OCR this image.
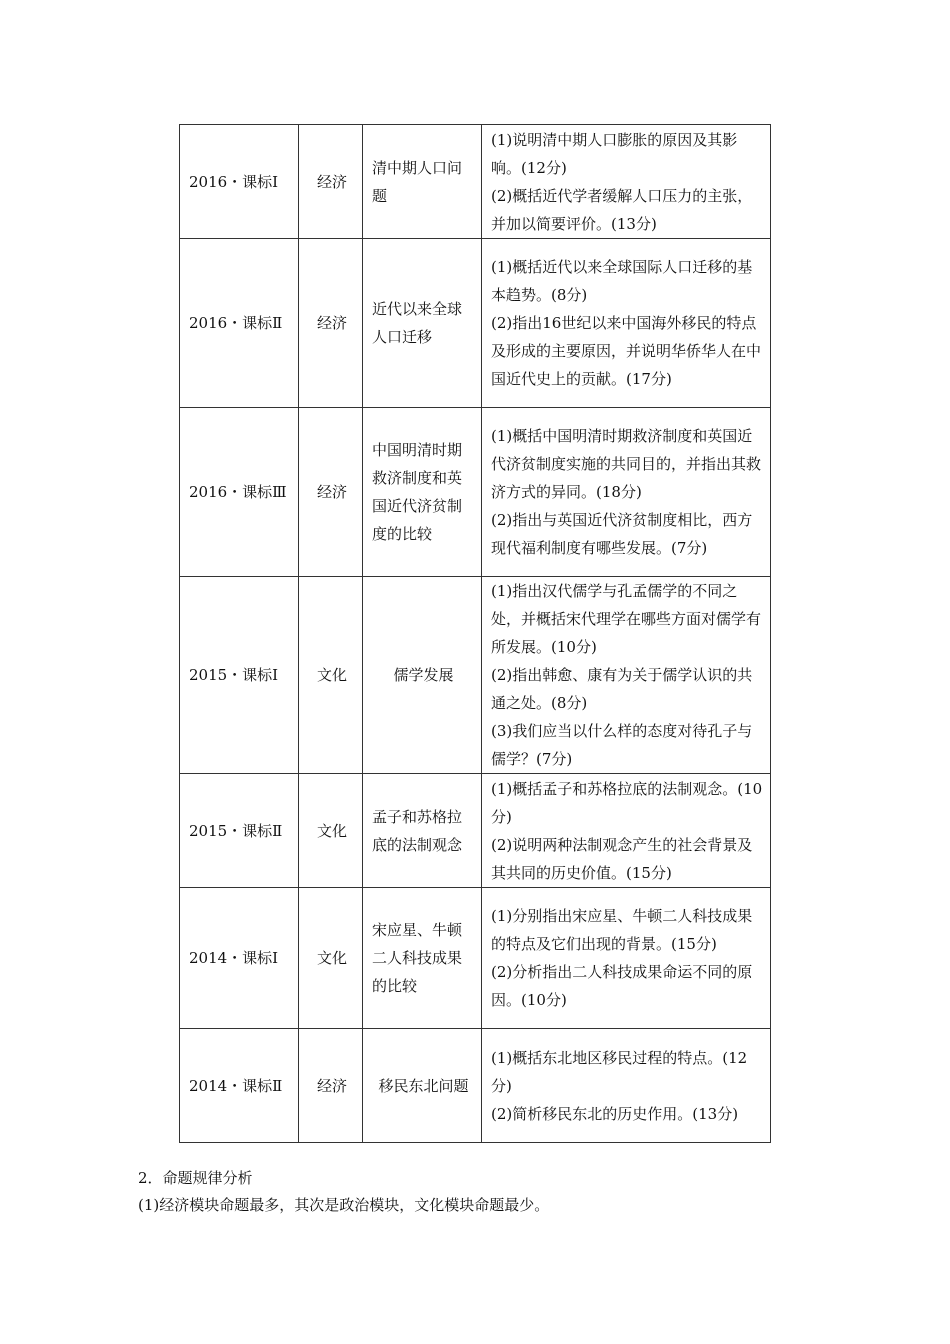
2016・课标Ⅰ	经济	清中期人口问题	(1)说明清中期人口膨胀的原因及其影响。(12分)
(2)概括近代学者缓解人口压力的主张，并加以简要评价。(13分)

2016・课标Ⅱ	经济	近代以来全球人口迁移	(1)概括近代以来全球国际人口迁移的基本趋势。(8分)
(2)指出16世纪以来中国海外移民的特点及形成的主要原因，并说明华侨华人在中国近代史上的贡献。(17分)

2016・课标Ⅲ	经济	中国明清时期救济制度和英国近代济贫制度的比较	(1)概括中国明清时期救济制度和英国近代济贫制度实施的共同目的，并指出其救济方式的异同。(18分)
(2)指出与英国近代济贫制度相比，西方现代福利制度有哪些发展。(7分)

2015・课标Ⅰ	文化	儒学发展	(1)指出汉代儒学与孔孟儒学的不同之处，并概括宋代理学在哪些方面对儒学有所发展。(10分)
(2)指出韩愈、康有为关于儒学认识的共通之处。(8分)
(3)我们应当以什么样的态度对待孔子与儒学？(7分)

2015・课标Ⅱ	文化	孟子和苏格拉底的法制观念	(1)概括孟子和苏格拉底的法制观念。(10分)
(2)说明两种法制观念产生的社会背景及其共同的历史价值。(15分)

2014・课标Ⅰ	文化	宋应星、牛顿二人科技成果的比较	(1)分别指出宋应星、牛顿二人科技成果的特点及它们出现的背景。(15分)
(2)分析指出二人科技成果命运不同的原因。(10分)

2014・课标Ⅱ	经济	移民东北问题	(1)概括东北地区移民过程的特点。(12分)
(2)简析移民东北的历史作用。(13分)
2．命题规律分析
(1)经济模块命题最多，其次是政治模块，文化模块命题最少。
